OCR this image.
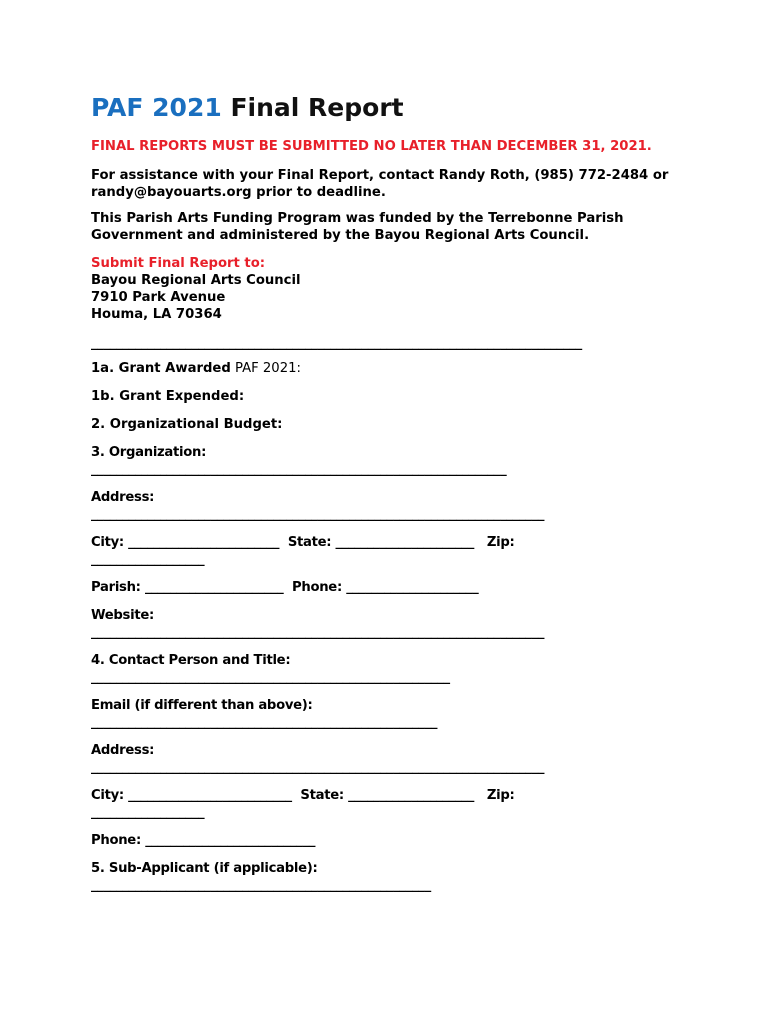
PAF 2021 Final Report

FINAL REPORTS MUST BE SUBMITTED NO LATER THAN DECEMBER 31, 2021.

For assistance with your Final Report, contact Randy Roth, (985) 772-2484 or randy@bayouarts.org prior to deadline.

This Parish Arts Funding Program was funded by the Terrebonne Parish Government and administered by the Bayou Regional Arts Council.

Submit Final Report to:

Bayou Regional Arts Council

7910 Park Avenue

Houma, LA 70364

______________________________________________________________________________
1a. Grant Awarded PAF 2021:
1b. Grant Expended:
2. Organizational Budget:
3. Organization:
__________________________________________________________________
Address:
________________________________________________________________________
City: ________________________ State: ______________________ Zip:
__________________
Parish: ______________________ Phone: _____________________
Website:
________________________________________________________________________
4. Contact Person and Title:
_________________________________________________________
Email (if different than above):
_______________________________________________________
Address:
________________________________________________________________________
City: __________________________ State: ____________________ Zip:
__________________
Phone: ___________________________
5. Sub-Applicant (if applicable):
______________________________________________________
